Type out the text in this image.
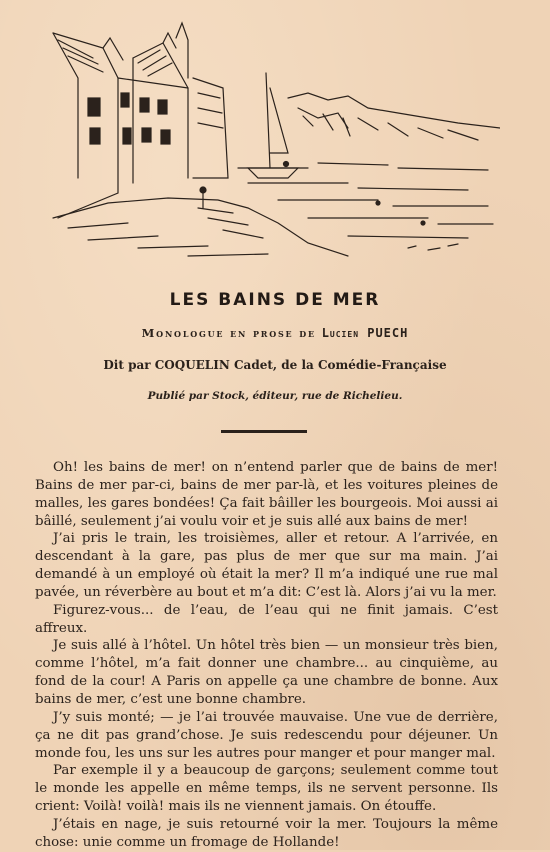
LES BAINS DE MER
Monologue en prose de Lucien PUECH
Dit par COQUELIN Cadet, de la Comédie-Française
Publié par Stock, éditeur, rue de Richelieu.

Oh! les bains de mer! on n’entend parler que de bains de mer! Bains de mer par-ci, bains de mer par-là, et les voitures pleines de malles, les gares bondées! Ça fait bâiller les bourgeois. Moi aussi ai bâillé, seulement j’ai voulu voir et je suis allé aux bains de mer!

J’ai pris le train, les troisièmes, aller et retour. A l’arrivée, en descendant à la gare, pas plus de mer que sur ma main. J’ai demandé à un employé où était la mer? Il m’a indiqué une rue mal pavée, un réverbère au bout et m’a dit: C’est là. Alors j’ai vu la mer.

Figurez-vous... de l’eau, de l’eau qui ne finit jamais. C’est affreux.

Je suis allé à l’hôtel. Un hôtel très bien — un monsieur très bien, comme l’hôtel, m’a fait donner une chambre... au cinquième, au fond de la cour! A Paris on appelle ça une chambre de bonne. Aux bains de mer, c’est une bonne chambre.

J’y suis monté; — je l’ai trouvée mauvaise. Une vue de derrière, ça ne dit pas grand’chose. Je suis redescendu pour déjeuner. Un monde fou, les uns sur les autres pour manger et pour manger mal.

Par exemple il y a beaucoup de garçons; seulement comme tout le monde les appelle en même temps, ils ne servent personne. Ils crient: Voilà! voilà! mais ils ne viennent jamais. On étouffe.

J’étais en nage, je suis retourné voir la mer. Toujours la même chose: unie comme un fromage de Hollande!
